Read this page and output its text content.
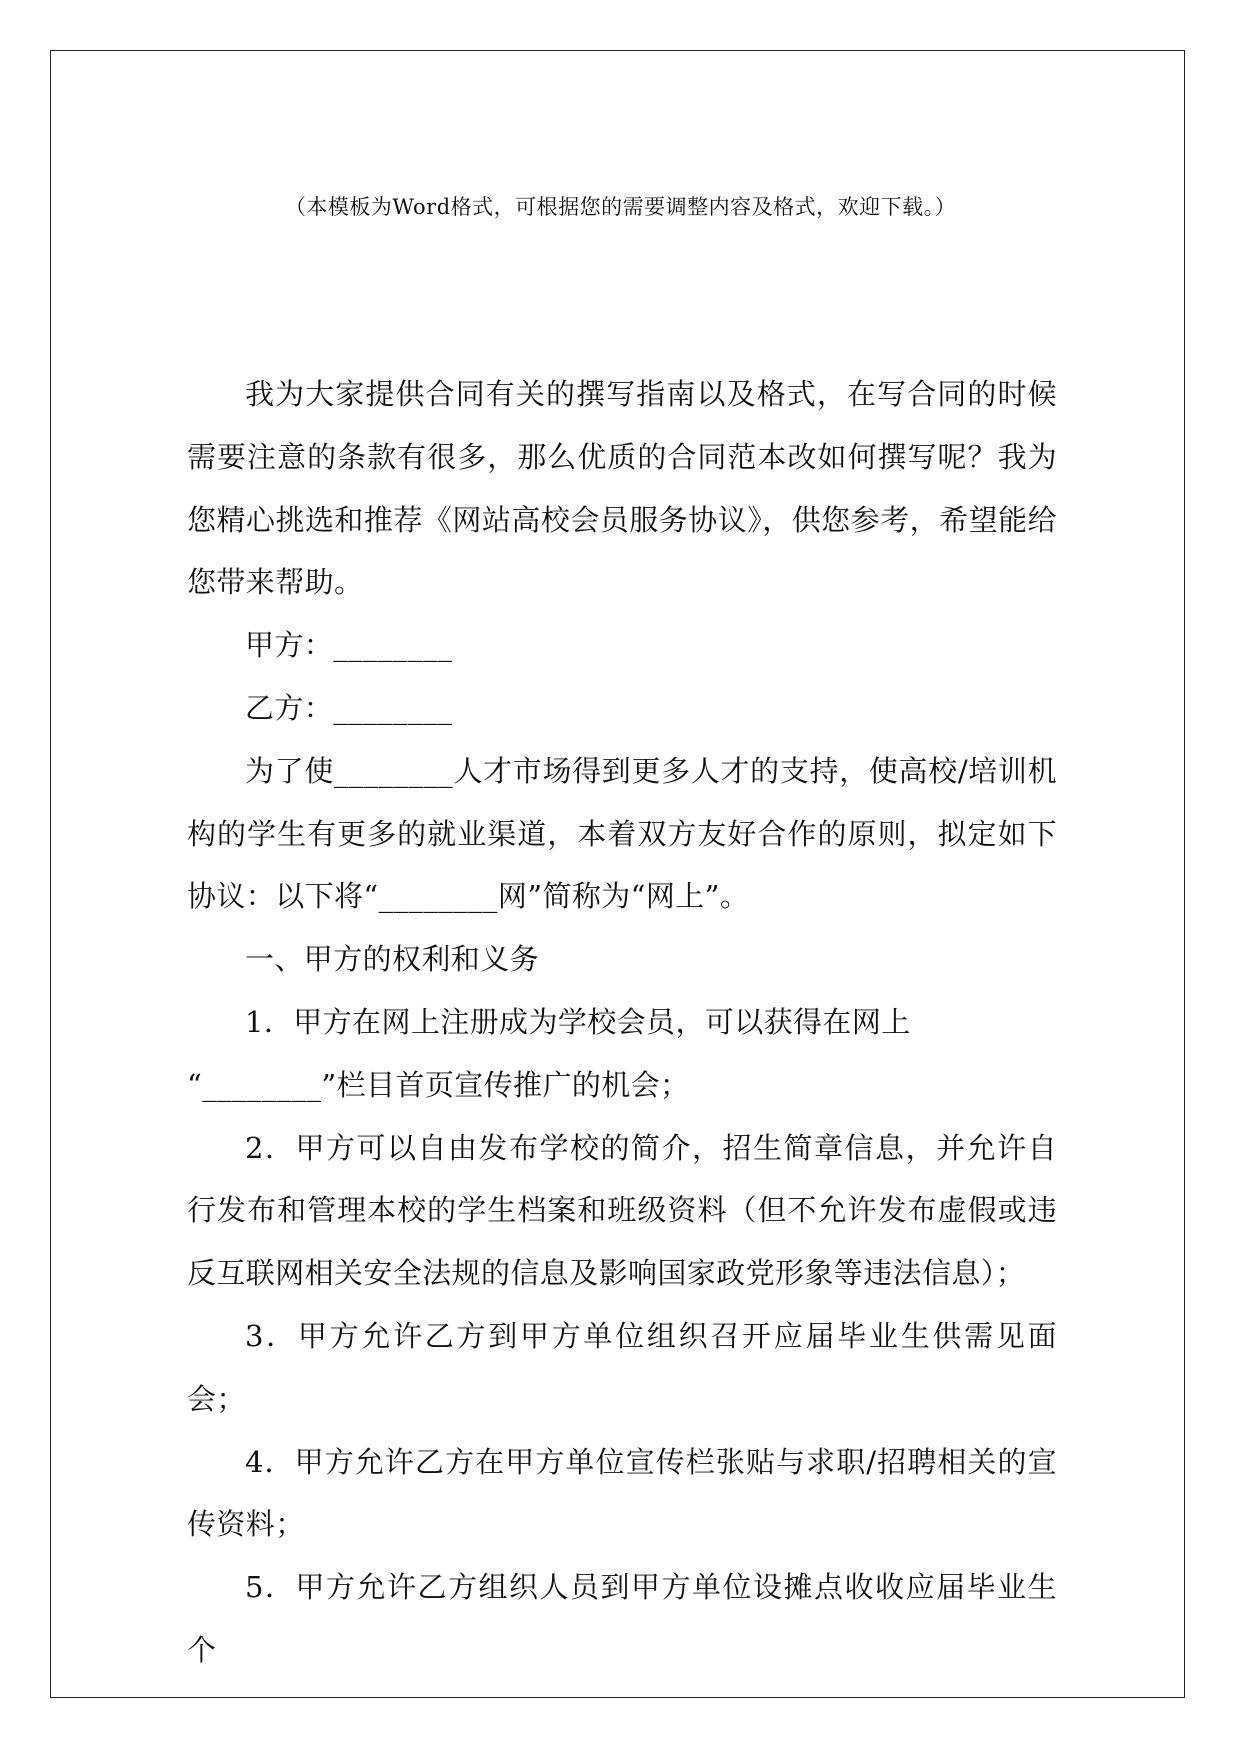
（本模板为Word格式，可根据您的需要调整内容及格式，欢迎下载。）

我为大家提供合同有关的撰写指南以及格式，在写合同的时候需要注意的条款有很多，那么优质的合同范本改如何撰写呢？我为您精心挑选和推荐《网站高校会员服务协议》，供您参考，希望能给您带来帮助。

甲方：________

乙方：________

为了使________人才市场得到更多人才的支持，使高校/培训机构的学生有更多的就业渠道，本着双方友好合作的原则，拟定如下协议：以下将“________网”简称为“网上”。

一、甲方的权利和义务

1．甲方在网上注册成为学校会员，可以获得在网上

“________”栏目首页宣传推广的机会；

2．甲方可以自由发布学校的简介，招生简章信息，并允许自行发布和管理本校的学生档案和班级资料（但不允许发布虚假或违反互联网相关安全法规的信息及影响国家政党形象等违法信息）；

3．甲方允许乙方到甲方单位组织召开应届毕业生供需见面会；

4．甲方允许乙方在甲方单位宣传栏张贴与求职/招聘相关的宣传资料；

5．甲方允许乙方组织人员到甲方单位设摊点收收应届毕业生个
